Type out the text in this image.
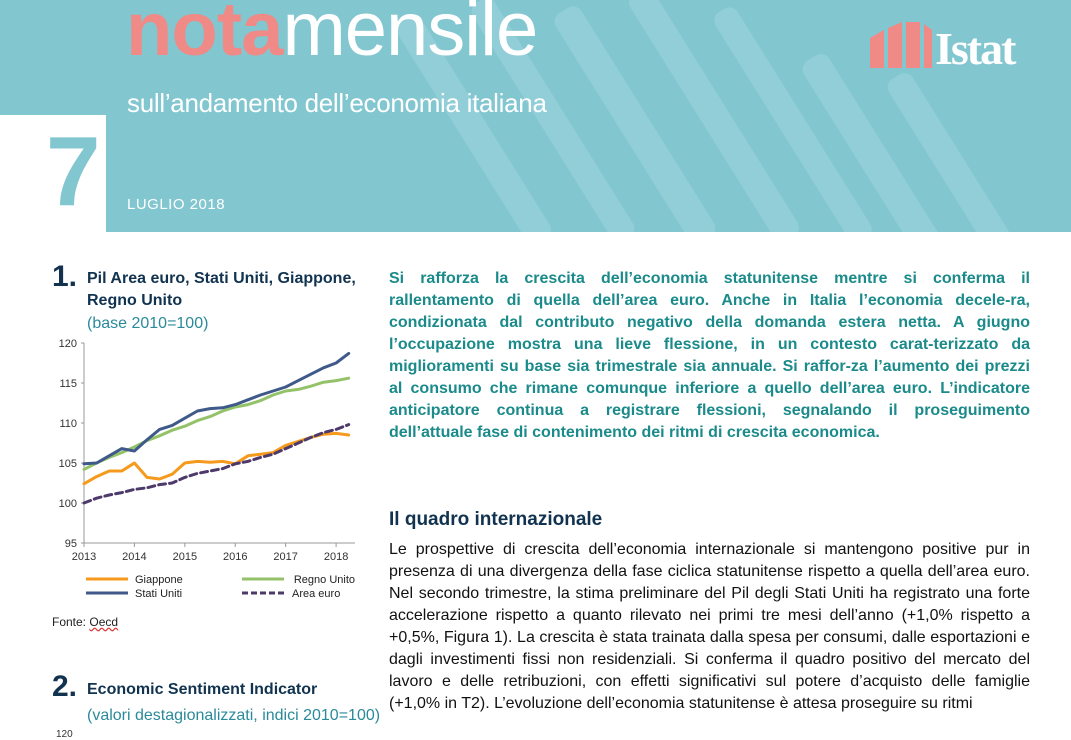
notamensile
sull’andamento dell’economia italiana
LUGLIO 2018
Istat
7
1. Pil Area euro, Stati Uniti, Giappone, Regno Unito
(base 2010=100)
95
100
105
110
115
120
2013 2014 2015 2016 2017 2018
Giappone	Regno Unito
Stati Uniti	Area euro
Fonte: Oecd
2. Economic Sentiment Indicator
(valori destagionalizzati, indici 2010=100)
120

Si rafforza la crescita dell’economia statunitense mentre si conferma il rallentamento di quella dell’area euro. Anche in Italia l’economia decele-ra, condizionata dal contributo negativo della domanda estera netta. A giugno l’occupazione mostra una lieve flessione, in un contesto carat-terizzato da miglioramenti su base sia trimestrale sia annuale. Si raffor-za l’aumento dei prezzi al consumo che rimane comunque inferiore a quello dell’area euro. L’indicatore anticipatore continua a registrare flessioni, segnalando il proseguimento dell’attuale fase di contenimento dei ritmi di crescita economica.

Il quadro internazionale

Le prospettive di crescita dell’economia internazionale si mantengono positive pur in presenza di una divergenza della fase ciclica statunitense rispetto a quella dell’area euro. Nel secondo trimestre, la stima preliminare del Pil degli Stati Uniti ha registrato una forte accelerazione rispetto a quanto rilevato nei primi tre mesi dell’anno (+1,0% rispetto a +0,5%, Figura 1). La crescita è stata trainata dalla spesa per consumi, dalle esportazioni e dagli investimenti fissi non residenziali. Si conferma il quadro positivo del mercato del lavoro e delle retribuzioni, con effetti significativi sul potere d’acquisto delle famiglie (+1,0% in T2). L’evoluzione dell’economia statunitense è attesa proseguire su ritmi
